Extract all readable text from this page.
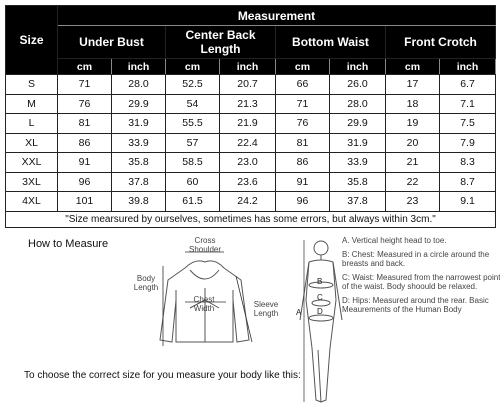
Size	Measurement							
	Under Bust		Center Back Length		Bottom Waist		Front Crotch	
	cm	inch	cm	inch	cm	inch	cm	inch
S	71	28.0	52.5	20.7	66	26.0	17	6.7
M	76	29.9	54	21.3	71	28.0	18	7.1
L	81	31.9	55.5	21.9	76	29.9	19	7.5
XL	86	33.9	57	22.4	81	31.9	20	7.9
XXL	91	35.8	58.5	23.0	86	33.9	21	8.3
3XL	96	37.8	60	23.6	91	35.8	22	8.7
4XL	101	39.8	61.5	24.2	96	37.8	23	9.1
"Size mearsured by ourselves, sometimes has some errors, but always within 3cm."								
How to Measure	Cross Shoulder
Body Length
Chest Width	Sleeve Length	A
B
C
D
A. Vertical height head to toe.
B: Chest: Measured in a circle around the breasts and back.
C: Waist: Measured from the narrowest point of the waist. Body shoould be relaxed.
D: Hips: Measured around the rear. Basic Meaurements of the Human Body
To choose the correct size for you measure your body like this:
